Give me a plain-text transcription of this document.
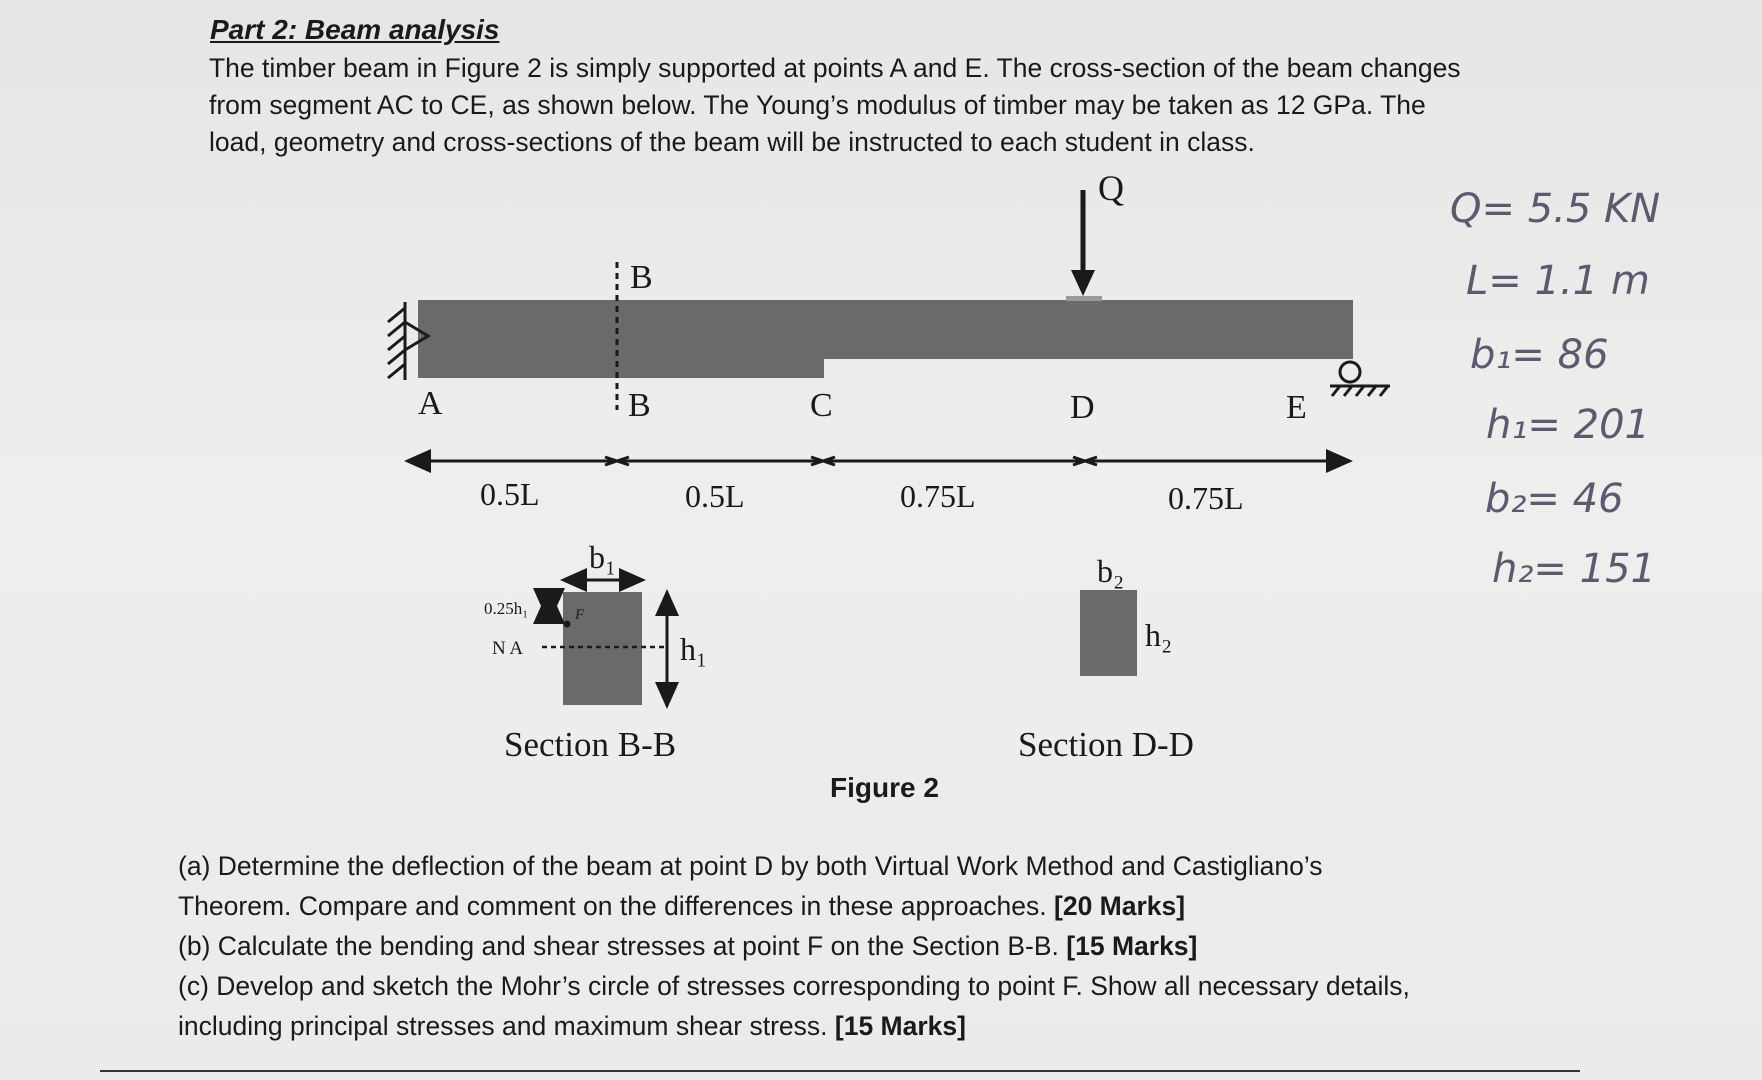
Part 2: Beam analysis
The timber beam in Figure 2 is simply supported at points A and E. The cross-section of the beam changes
from segment AC to CE, as shown below. The Young’s modulus of timber may be taken as 12 GPa. The
load, geometry and cross-sections of the beam will be instructed to each student in class.
Q
A
B
B	C	D	E
0.5L	0.5L	0.75L	0.75L
b₁
h₁
0.25h₁
N A
F
Section B-B
b₂
h₂
Section D-D
Figure 2
Q= 5.5 KN
L= 1.1 m
b₁= 86
h₁= 201
b₂= 46
h₂= 151
(a) Determine the deflection of the beam at point D by both Virtual Work Method and Castigliano’s
Theorem. Compare and comment on the differences in these approaches. [20 Marks]
(b) Calculate the bending and shear stresses at point F on the Section B-B. [15 Marks]
(c) Develop and sketch the Mohr’s circle of stresses corresponding to point F. Show all necessary details,
including principal stresses and maximum shear stress. [15 Marks]
